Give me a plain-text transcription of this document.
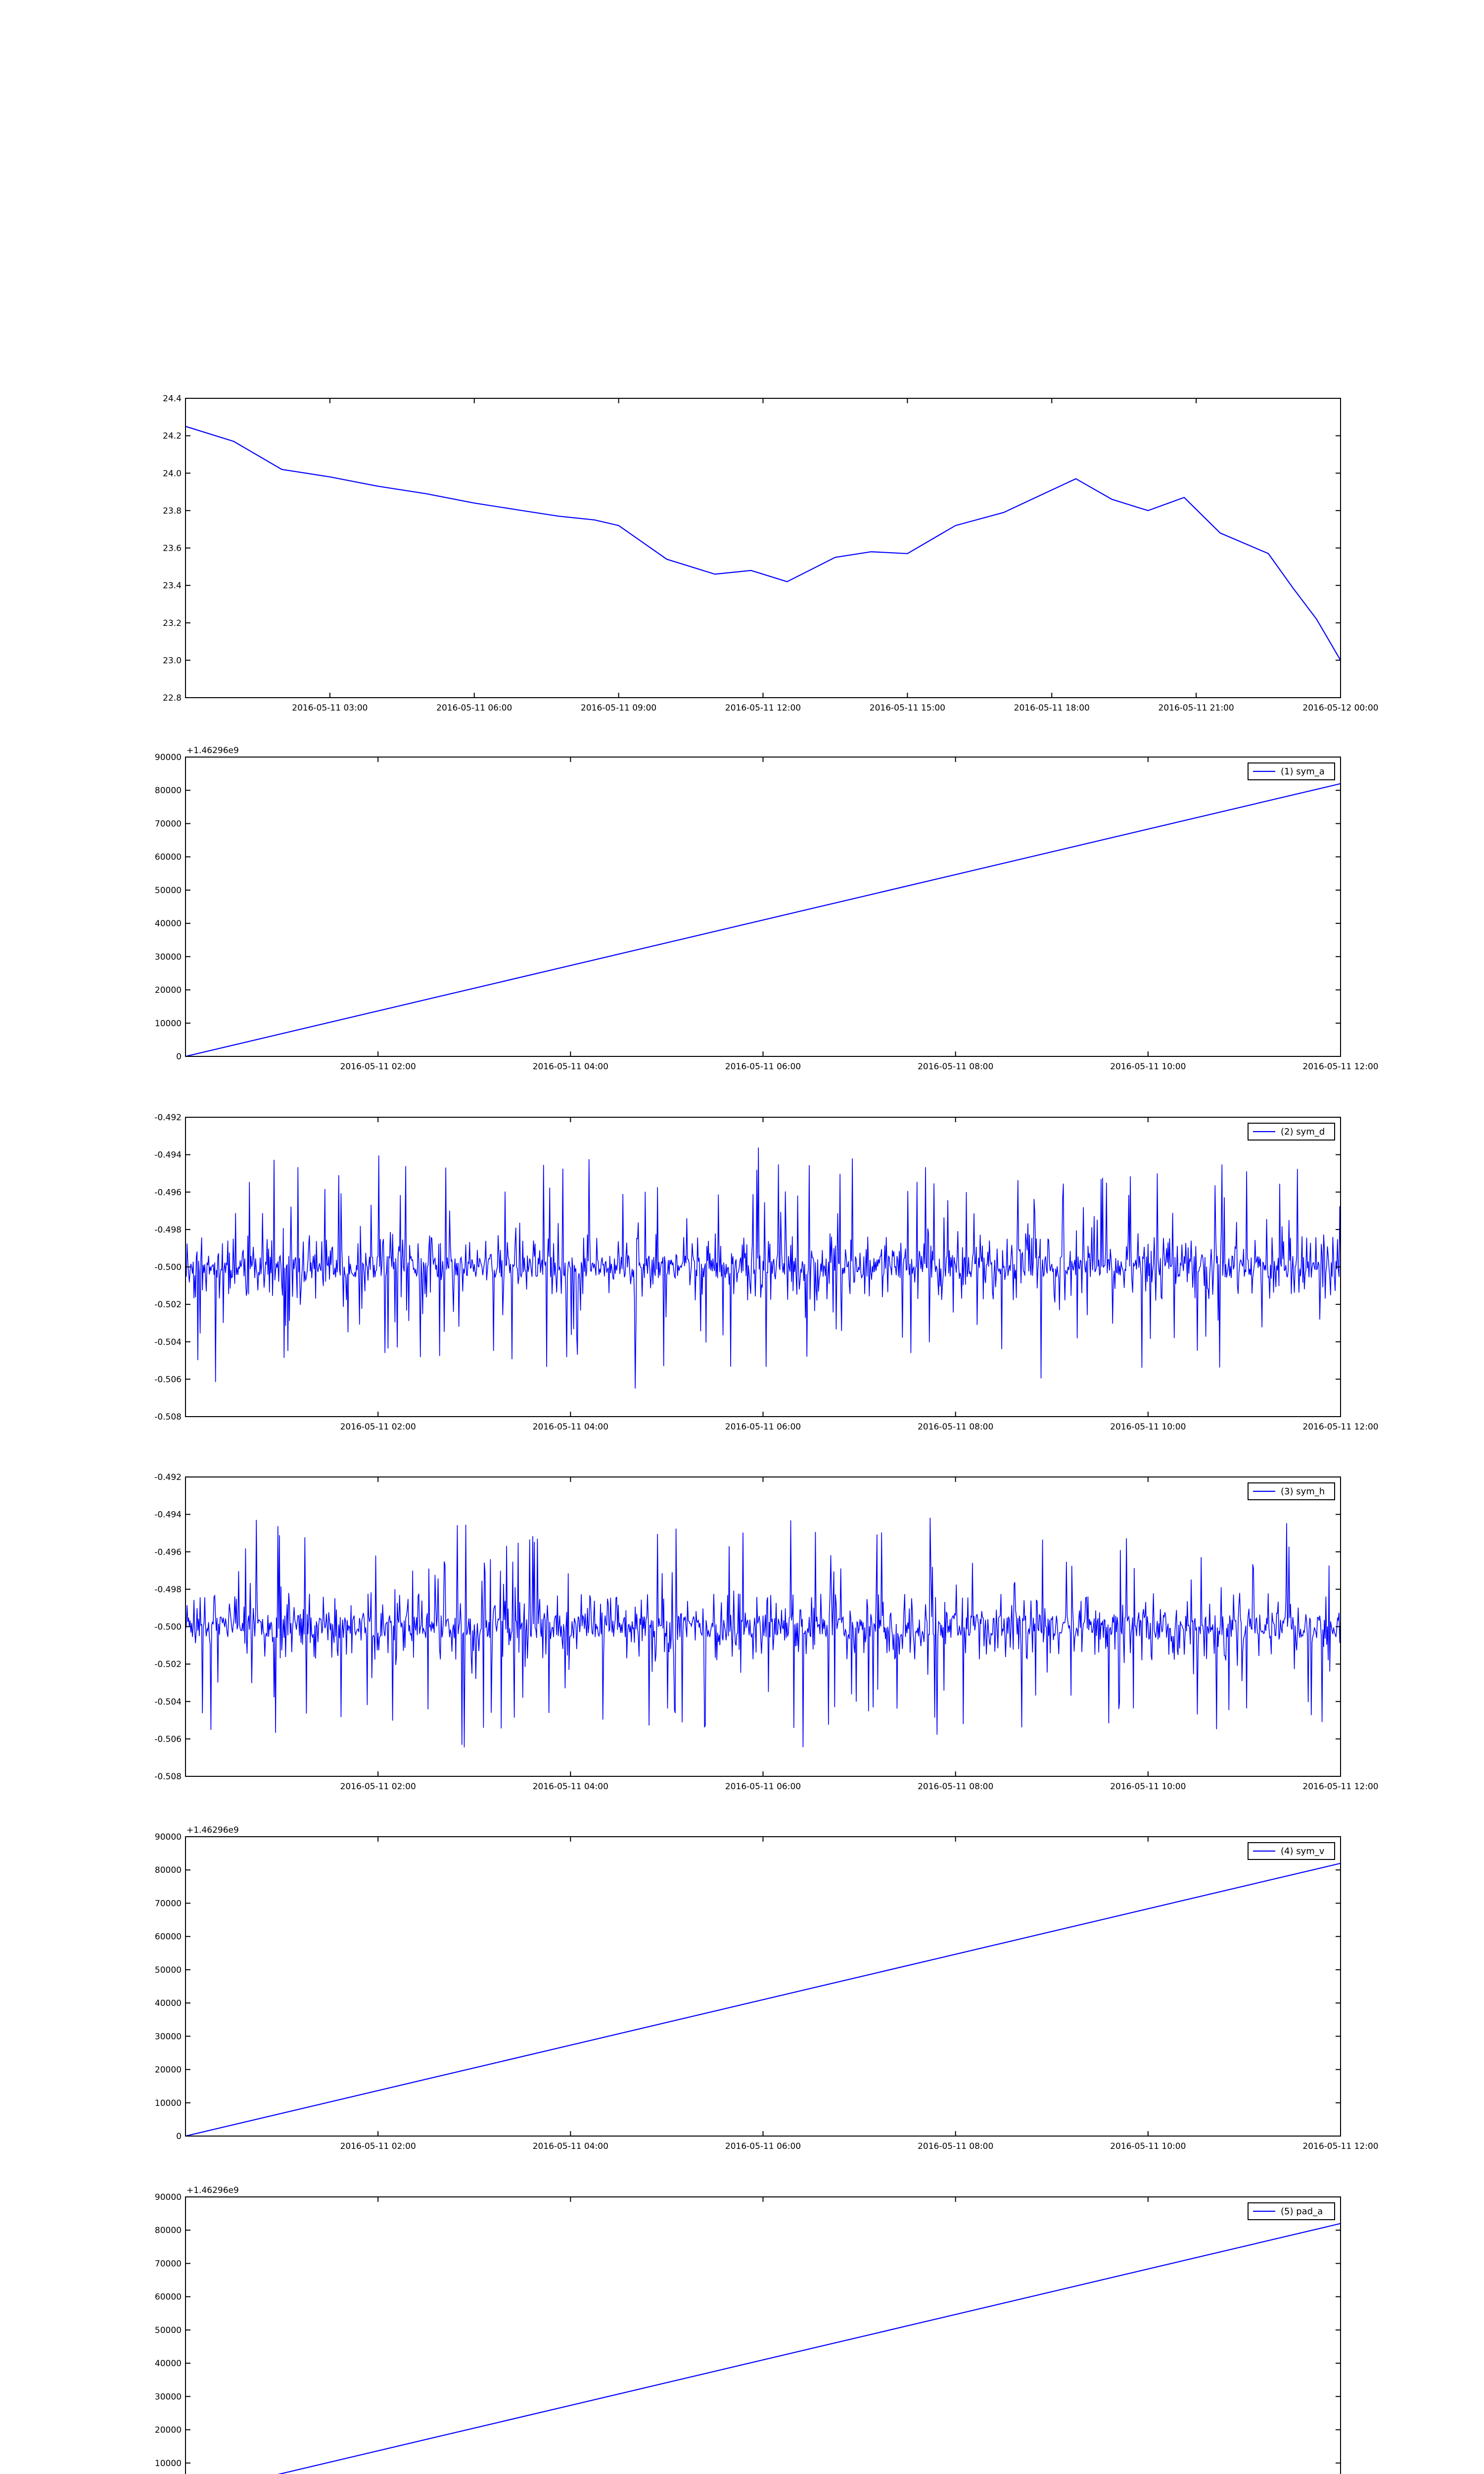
22.8
23.0
23.2
23.4
23.6
23.8
24.0
24.2
24.4
2016-05-11 03:00	2016-05-11 06:00	2016-05-11 09:00	2016-05-11 12:00	2016-05-11 15:00	2016-05-11 18:00	2016-05-11 21:00	2016-05-12 00:00
0
10000
20000
30000
40000
50000
60000
70000
80000
90000
2016-05-11 02:00	2016-05-11 04:00	2016-05-11 06:00	2016-05-11 08:00	2016-05-11 10:00	2016-05-11 12:00
+1.46296e9
(1) sym_a
-0.508
-0.506
-0.504
-0.502
-0.500
-0.498
-0.496
-0.494
-0.492
2016-05-11 02:00	2016-05-11 04:00	2016-05-11 06:00	2016-05-11 08:00	2016-05-11 10:00	2016-05-11 12:00
(2) sym_d
-0.508
-0.506
-0.504
-0.502
-0.500
-0.498
-0.496
-0.494
-0.492
2016-05-11 02:00	2016-05-11 04:00	2016-05-11 06:00	2016-05-11 08:00	2016-05-11 10:00	2016-05-11 12:00
(3) sym_h
0
10000
20000
30000
40000
50000
60000
70000
80000
90000
2016-05-11 02:00	2016-05-11 04:00	2016-05-11 06:00	2016-05-11 08:00	2016-05-11 10:00	2016-05-11 12:00
+1.46296e9
(4) sym_v
10000
20000
30000
40000
50000
60000
70000
80000
90000
+1.46296e9
(5) pad_a
